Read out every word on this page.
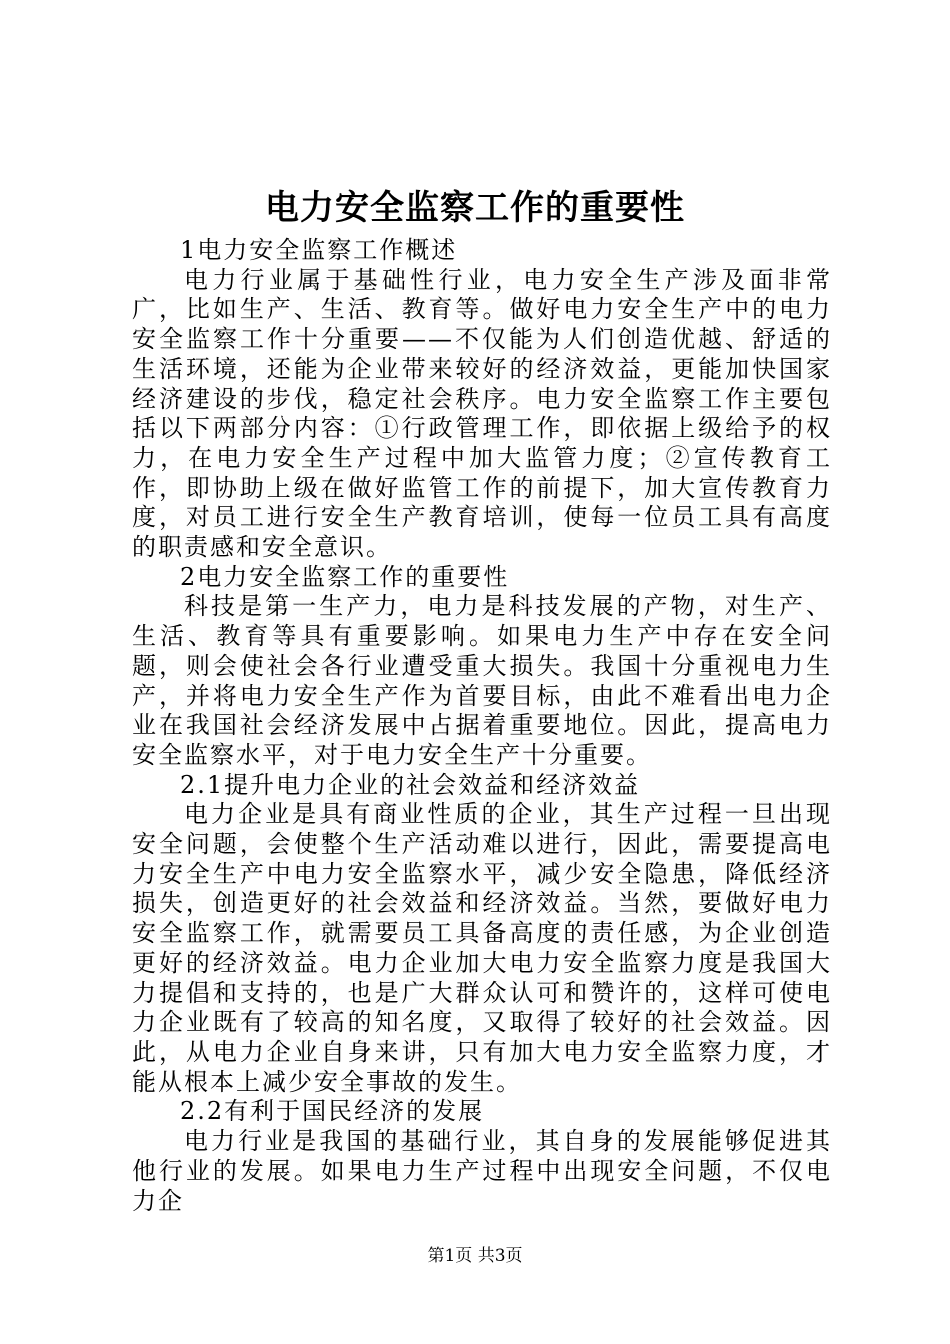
电力安全监察工作的重要性

1电力安全监察工作概述

电力行业属于基础性行业，电力安全生产涉及面非常广，比如生产、生活、教育等。做好电力安全生产中的电力安全监察工作十分重要——不仅能为人们创造优越、舒适的生活环境，还能为企业带来较好的经济效益，更能加快国家经济建设的步伐，稳定社会秩序。电力安全监察工作主要包括以下两部分内容：①行政管理工作，即依据上级给予的权力，在电力安全生产过程中加大监管力度；②宣传教育工作，即协助上级在做好监管工作的前提下，加大宣传教育力度，对员工进行安全生产教育培训，使每一位员工具有高度的职责感和安全意识。

2电力安全监察工作的重要性

科技是第一生产力，电力是科技发展的产物，对生产、生活、教育等具有重要影响。如果电力生产中存在安全问题，则会使社会各行业遭受重大损失。我国十分重视电力生产，并将电力安全生产作为首要目标，由此不难看出电力企业在我国社会经济发展中占据着重要地位。因此，提高电力安全监察水平，对于电力安全生产十分重要。

2.1提升电力企业的社会效益和经济效益

电力企业是具有商业性质的企业，其生产过程一旦出现安全问题，会使整个生产活动难以进行，因此，需要提高电力安全生产中电力安全监察水平，减少安全隐患，降低经济损失，创造更好的社会效益和经济效益。当然，要做好电力安全监察工作，就需要员工具备高度的责任感，为企业创造更好的经济效益。电力企业加大电力安全监察力度是我国大力提倡和支持的，也是广大群众认可和赞许的，这样可使电力企业既有了较高的知名度，又取得了较好的社会效益。因此，从电力企业自身来讲，只有加大电力安全监察力度，才能从根本上减少安全事故的发生。

2.2有利于国民经济的发展

电力行业是我国的基础行业，其自身的发展能够促进其他行业的发展。如果电力生产过程中出现安全问题，不仅电力企

第1页 共3页
